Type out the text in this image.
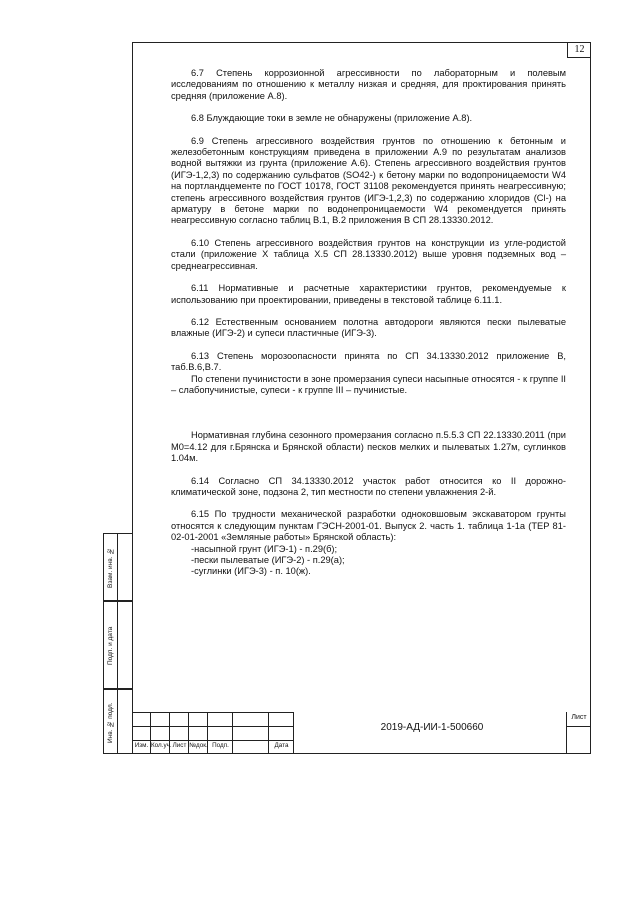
12
Взам. инв. №
Подп. и дата
Инв. № подл.

6.7 Степень коррозионной агрессивности по лабораторным и полевым исследованиям по отношению к металлу низкая и средняя, для проктирования принять средняя (приложение А.8).

6.8 Блуждающие токи в земле не обнаружены (приложение А.8).

6.9 Степень агрессивного воздействия грунтов по отношению к бетонным и железобетонным конструкциям приведена в приложении А.9 по результатам анализов водной вытяжки из грунта (приложение А.6). Степень агрессивного воздействия грунтов (ИГЭ-1,2,3) по содержанию сульфатов (SO42-) к бетону марки по водопроницаемости W4 на портландцементе по ГОСТ 10178, ГОСТ 31108 рекомендуется принять неагрессивную; степень агрессивного воздействия грунтов (ИГЭ-1,2,3) по содержанию хлоридов (Cl-) на арматуру в бетоне марки по водонепроницаемости W4 рекомендуется принять неагрессивную согласно таблиц В.1, В.2 приложения В СП 28.13330.2012.

6.10 Степень агрессивного воздействия грунтов на конструкции из угле-родистой стали (приложение Х таблица Х.5 СП 28.13330.2012) выше уровня подземных вод – среднеагрессивная.

6.11 Нормативные и расчетные характеристики грунтов, рекомендуемые к использованию при проектировании, приведены в текстовой таблице 6.11.1.

6.12 Естественным основанием полотна автодороги являются пески пылеватые влажные (ИГЭ-2) и супеси пластичные (ИГЭ-3).

6.13 Степень морозоопасности принята по СП 34.13330.2012 приложение В, таб.В.6,В.7.

По степени пучинистости в зоне промерзания супеси насыпные относятся - к группе II – слабопучинистые, супеси - к группе III – пучинистые.

Нормативная глубина сезонного промерзания согласно п.5.5.3 СП 22.13330.2011 (при М0=4.12 для г.Брянска и Брянской области) песков мелких и пылеватых 1.27м, суглинков 1.04м.

6.14 Согласно СП 34.13330.2012 участок работ относится ко II дорожно-климатической зоне, подзона 2, тип местности по степени увлажнения 2-й.

6.15 По трудности механической разработки одноковшовым экскаватором грунты относятся к следующим пунктам ГЭСН-2001-01. Выпуск 2. часть 1. таблица 1-1а (ТЕР 81-02-01-2001 «Земляные работы» Брянской область):

-насыпной грунт (ИГЭ-1) - п.29(б);

-пески пылеватые (ИГЭ-2) - п.29(а);

-суглинки (ИГЭ-3) - п. 10(ж).

Изм. Кол.уч. Лист №док. Подп.	Дата
2019-АД-ИИ-1-500660
Лист
